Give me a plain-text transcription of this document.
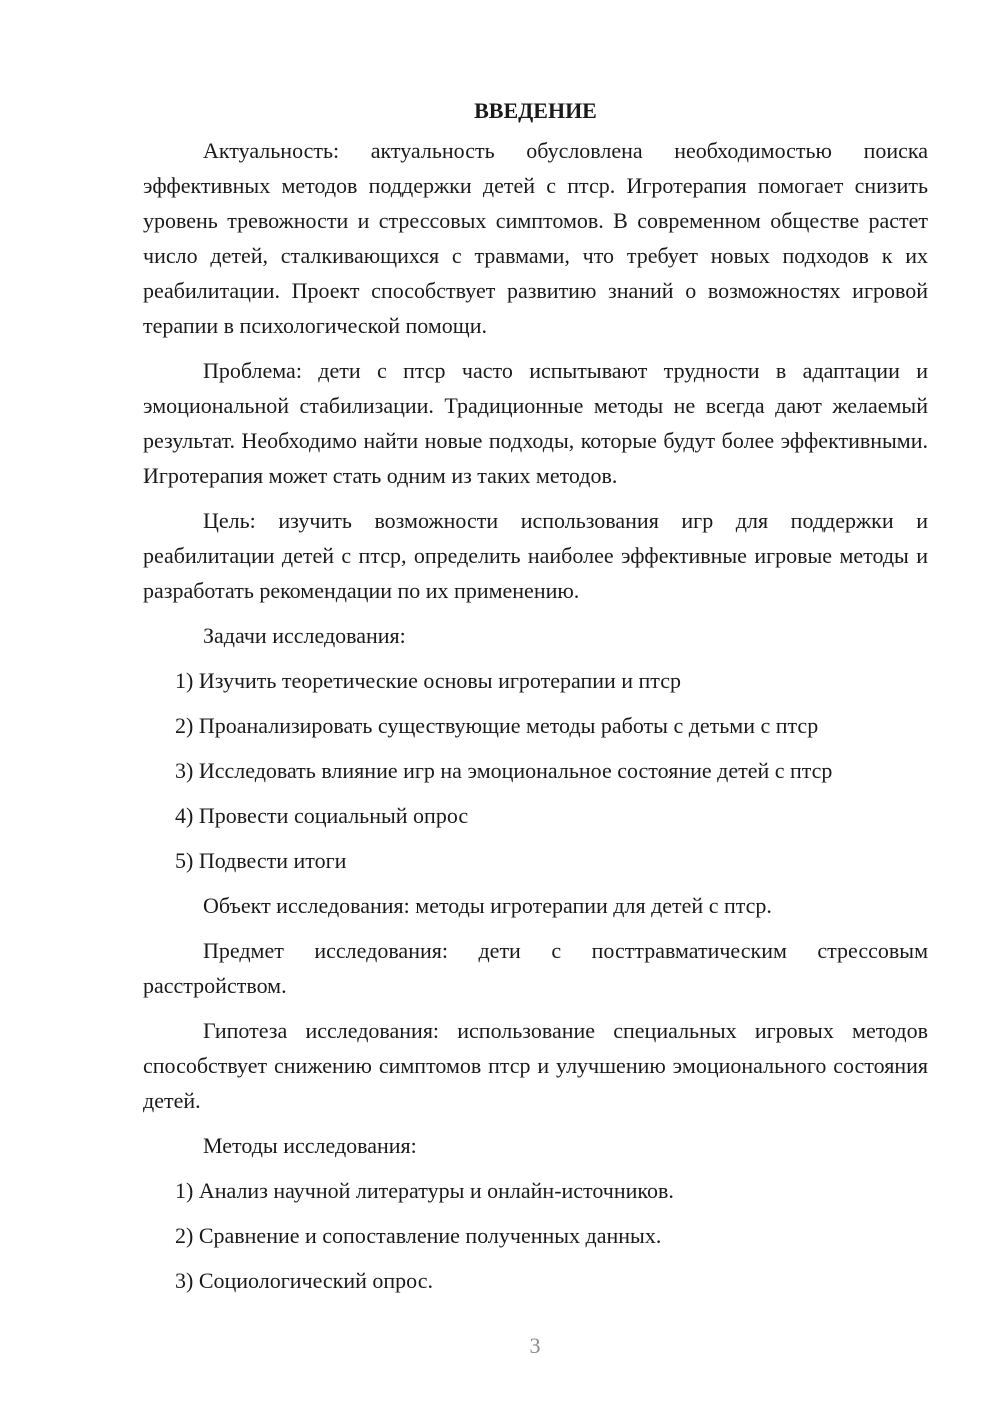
ВВЕДЕНИЕ

Актуальность: актуальность обусловлена необходимостью поиска эффективных методов поддержки детей с птср. Игротерапия помогает снизить уровень тревожности и стрессовых симптомов. В современном обществе растет число детей, сталкивающихся с травмами, что требует новых подходов к их реабилитации. Проект способствует развитию знаний о возможностях игровой терапии в психологической помощи.

Проблема: дети с птср часто испытывают трудности в адаптации и эмоциональной стабилизации. Традиционные методы не всегда дают желаемый результат. Необходимо найти новые подходы, которые будут более эффективными. Игротерапия может стать одним из таких методов.

Цель: изучить возможности использования игр для поддержки и реабилитации детей с птср, определить наиболее эффективные игровые методы и разработать рекомендации по их применению.

Задачи исследования:

1) Изучить теоретические основы игротерапии и птср
2) Проанализировать существующие методы работы с детьми с птср
3) Исследовать влияние игр на эмоциональное состояние детей с птср
4) Провести социальный опрос
5) Подвести итоги

Объект исследования: методы игротерапии для детей с птср.

Предмет исследования: дети с посттравматическим стрессовым расстройством.

Гипотеза исследования: использование специальных игровых методов способствует снижению симптомов птср и улучшению эмоционального состояния детей.

Методы исследования:

1) Анализ научной литературы и онлайн-источников.
2) Сравнение и сопоставление полученных данных.
3) Социологический опрос.
3
